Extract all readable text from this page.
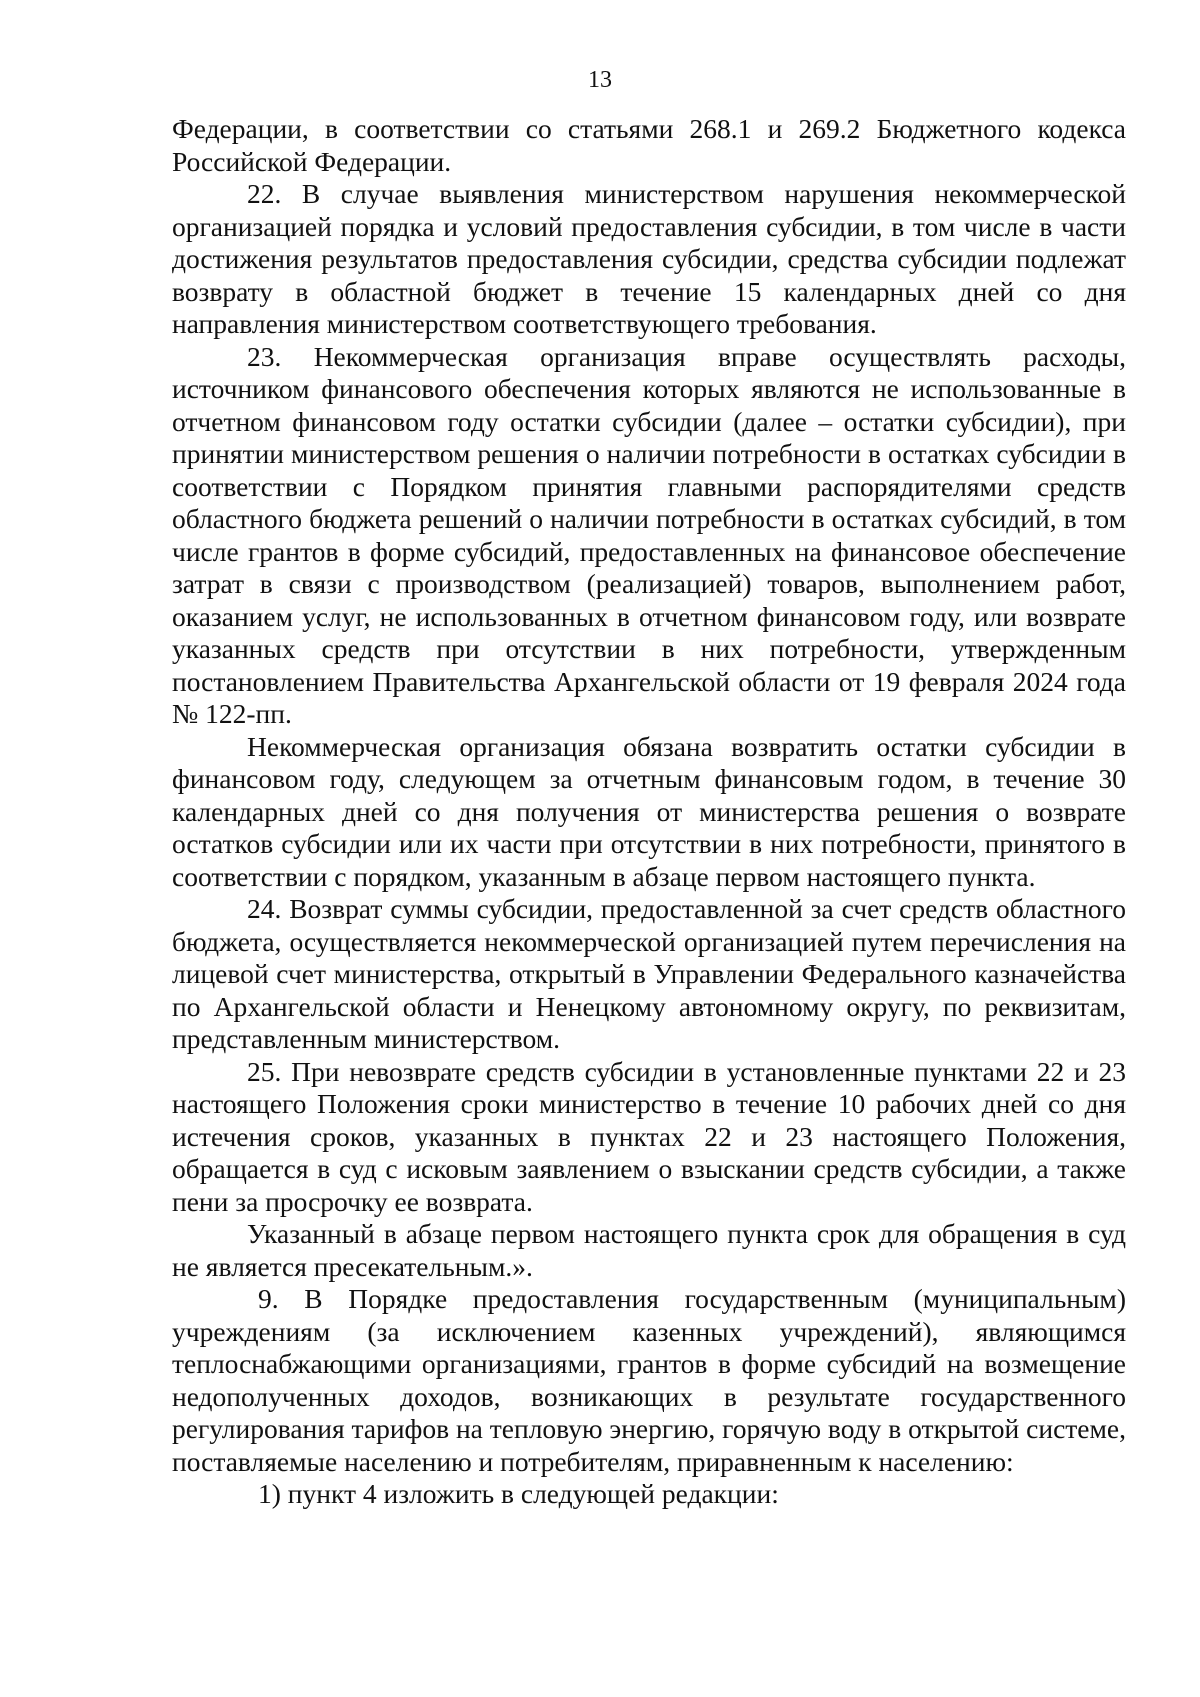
13

Федерации, в соответствии со статьями 268.1 и 269.2 Бюджетного кодекса Российской Федерации.

22. В случае выявления министерством нарушения некоммерческой организацией порядка и условий предоставления субсидии, в том числе в части достижения результатов предоставления субсидии, средства субсидии подлежат возврату в областной бюджет в течение 15 календарных дней со дня направления министерством соответствующего требования.

23. Некоммерческая организация вправе осуществлять расходы, источником финансового обеспечения которых являются не использованные в отчетном финансовом году остатки субсидии (далее – остатки субсидии), при принятии министерством решения о наличии потребности в остатках субсидии в соответствии с Порядком принятия главными распорядителями средств областного бюджета решений о наличии потребности в остатках субсидий, в том числе грантов в форме субсидий, предоставленных на финансовое обеспечение затрат в связи с производством (реализацией) товаров, выполнением работ, оказанием услуг, не использованных в отчетном финансовом году, или возврате указанных средств при отсутствии в них потребности, утвержденным постановлением Правительства Архангельской области от 19 февраля 2024 года № 122-пп.

Некоммерческая организация обязана возвратить остатки субсидии в финансовом году, следующем за отчетным финансовым годом, в течение 30 календарных дней со дня получения от министерства решения о возврате остатков субсидии или их части при отсутствии в них потребности, принятого в соответствии с порядком, указанным в абзаце первом настоящего пункта.

24. Возврат суммы субсидии, предоставленной за счет средств областного бюджета, осуществляется некоммерческой организацией путем перечисления на лицевой счет министерства, открытый в Управлении Федерального казначейства по Архангельской области и Ненецкому автономному округу, по реквизитам, представленным министерством.

25. При невозврате средств субсидии в установленные пунктами 22 и 23 настоящего Положения сроки министерство в течение 10 рабочих дней со дня истечения сроков, указанных в пунктах 22 и 23 настоящего Положения, обращается в суд с исковым заявлением о взыскании средств субсидии, а также пени за просрочку ее возврата.

Указанный в абзаце первом настоящего пункта срок для обращения в суд не является пресекательным.».

9. В Порядке предоставления государственным (муниципальным) учреждениям (за исключением казенных учреждений), являющимся теплоснабжающими организациями, грантов в форме субсидий на возмещение недополученных доходов, возникающих в результате государственного регулирования тарифов на тепловую энергию, горячую воду в открытой системе, поставляемые населению и потребителям, приравненным к населению:

1) пункт 4 изложить в следующей редакции:
